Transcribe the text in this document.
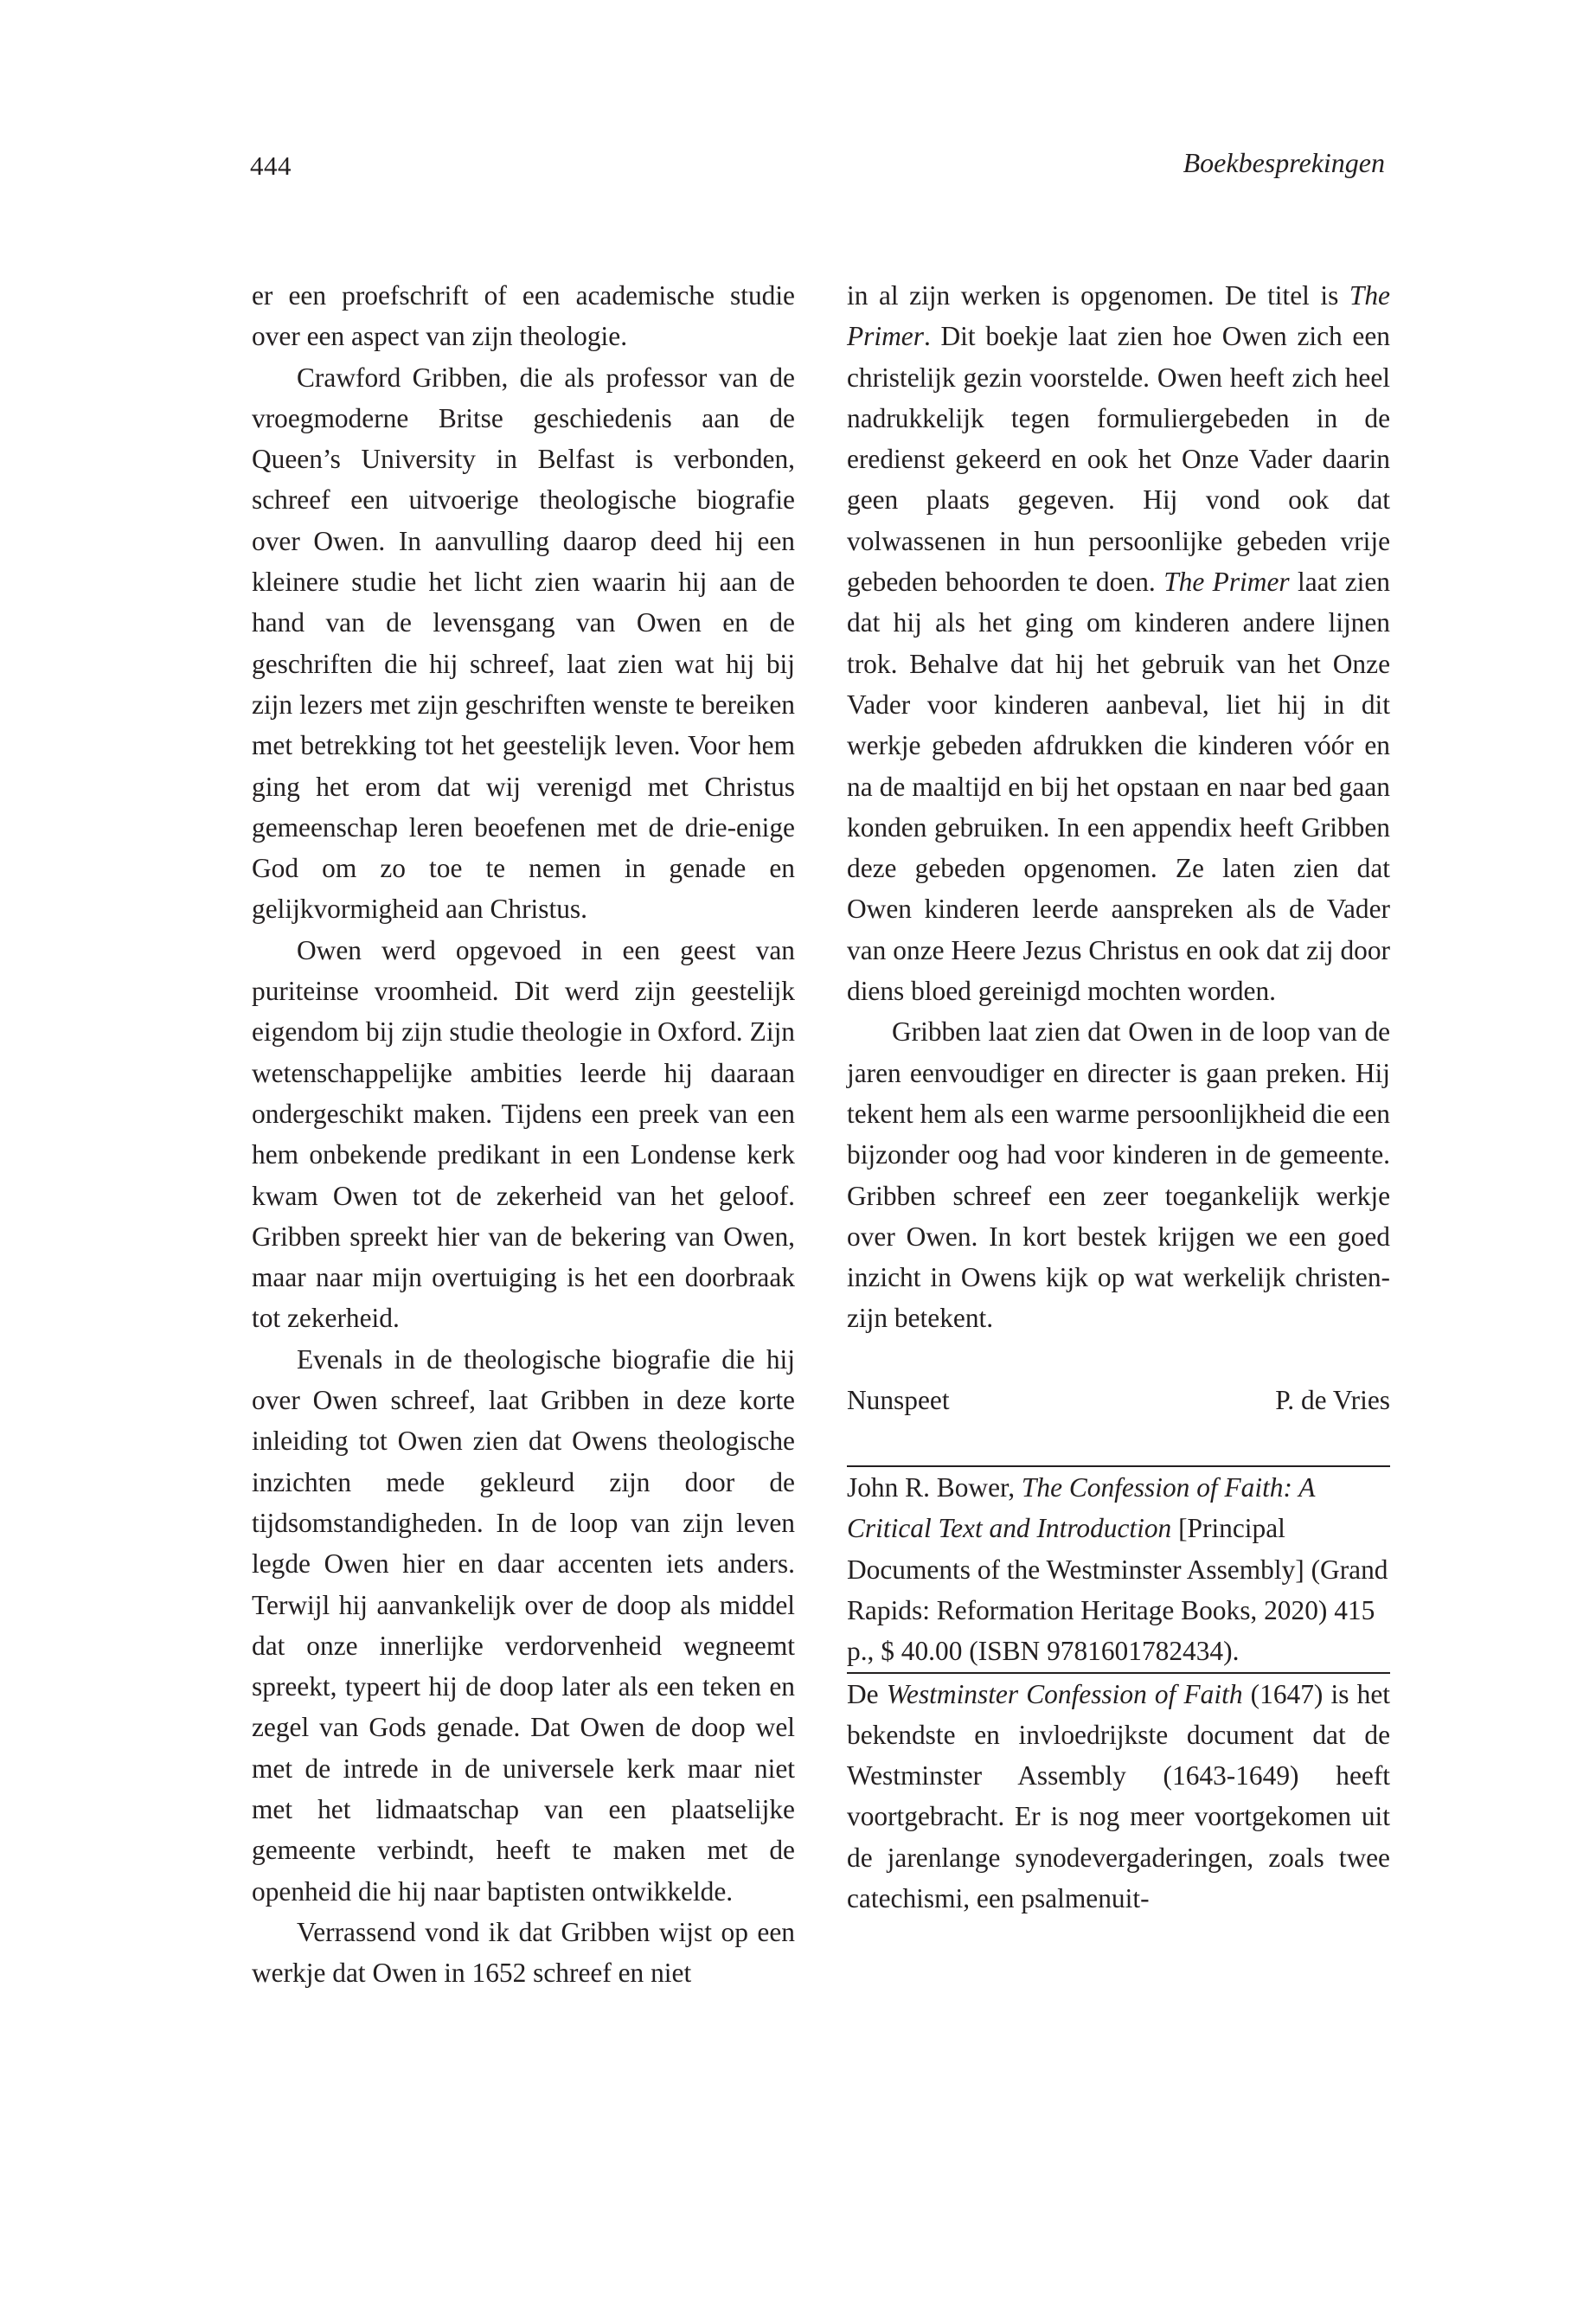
444	Boekbesprekingen

er een proefschrift of een academische studie over een aspect van zijn theologie.

Crawford Gribben, die als professor van de vroegmoderne Britse geschiedenis aan de Queen’s University in Belfast is verbonden, schreef een uitvoerige theologische biografie over Owen. In aanvulling daarop deed hij een kleinere studie het licht zien waarin hij aan de hand van de levensgang van Owen en de geschriften die hij schreef, laat zien wat hij bij zijn lezers met zijn geschriften wenste te bereiken met betrekking tot het geestelijk leven. Voor hem ging het erom dat wij verenigd met Christus gemeenschap leren beoefenen met de drie-enige God om zo toe te nemen in genade en gelijkvormigheid aan Christus.

Owen werd opgevoed in een geest van puriteinse vroomheid. Dit werd zijn geestelijk eigendom bij zijn studie theologie in Oxford. Zijn wetenschappelijke ambities leerde hij daaraan ondergeschikt maken. Tijdens een preek van een hem onbekende predikant in een Londense kerk kwam Owen tot de zekerheid van het geloof. Gribben spreekt hier van de bekering van Owen, maar naar mijn overtuiging is het een doorbraak tot zekerheid.

Evenals in de theologische biografie die hij over Owen schreef, laat Gribben in deze korte inleiding tot Owen zien dat Owens theologische inzichten mede gekleurd zijn door de tijdsomstandigheden. In de loop van zijn leven legde Owen hier en daar accenten iets anders. Terwijl hij aanvankelijk over de doop als middel dat onze innerlijke verdorvenheid wegneemt spreekt, typeert hij de doop later als een teken en zegel van Gods genade. Dat Owen de doop wel met de intrede in de universele kerk maar niet met het lidmaatschap van een plaatselijke gemeente verbindt, heeft te maken met de openheid die hij naar baptisten ontwikkelde.

Verrassend vond ik dat Gribben wijst op een werkje dat Owen in 1652 schreef en niet

in al zijn werken is opgenomen. De titel is The Primer. Dit boekje laat zien hoe Owen zich een christelijk gezin voorstelde. Owen heeft zich heel nadrukkelijk tegen formuliergebeden in de eredienst gekeerd en ook het Onze Vader daarin geen plaats gegeven. Hij vond ook dat volwassenen in hun persoonlijke gebeden vrije gebeden behoorden te doen. The Primer laat zien dat hij als het ging om kinderen andere lijnen trok. Behalve dat hij het gebruik van het Onze Vader voor kinderen aanbeval, liet hij in dit werkje gebeden afdrukken die kinderen vóór en na de maaltijd en bij het opstaan en naar bed gaan konden gebruiken. In een appendix heeft Gribben deze gebeden opgenomen. Ze laten zien dat Owen kinderen leerde aanspreken als de Vader van onze Heere Jezus Christus en ook dat zij door diens bloed gereinigd mochten worden.

Gribben laat zien dat Owen in de loop van de jaren eenvoudiger en directer is gaan preken. Hij tekent hem als een warme persoonlijkheid die een bijzonder oog had voor kinderen in de gemeente. Gribben schreef een zeer toegankelijk werkje over Owen. In kort bestek krijgen we een goed inzicht in Owens kijk op wat werkelijk christen-zijn betekent.

Nunspeet	P. de Vries

John R. Bower, The Confession of Faith: A Critical Text and Introduction [Principal Documents of the Westminster Assembly] (Grand Rapids: Reformation Heritage Books, 2020) 415 p., $ 40.00 (ISBN 9781601782434).

De Westminster Confession of Faith (1647) is het bekendste en invloedrijkste document dat de Westminster Assembly (1643-1649) heeft voortgebracht. Er is nog meer voortgekomen uit de jarenlange synodevergaderingen, zoals twee catechismi, een psalmenuit-
